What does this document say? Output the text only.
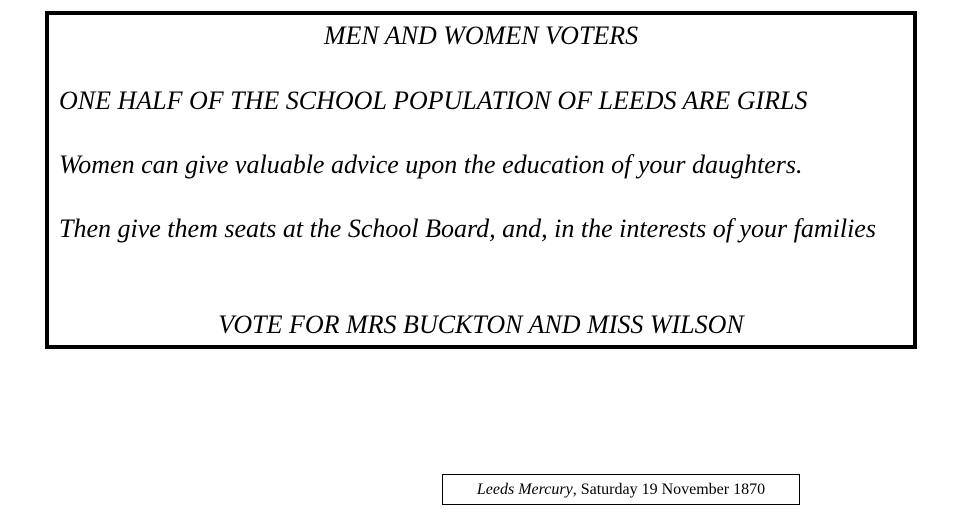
MEN AND WOMEN VOTERS
ONE HALF OF THE SCHOOL POPULATION OF LEEDS ARE GIRLS
Women can give valuable advice upon the education of your daughters.
Then give them seats at the School Board, and, in the interests of your families
VOTE FOR MRS BUCKTON AND MISS WILSON
Leeds Mercury, Saturday 19 November 1870
